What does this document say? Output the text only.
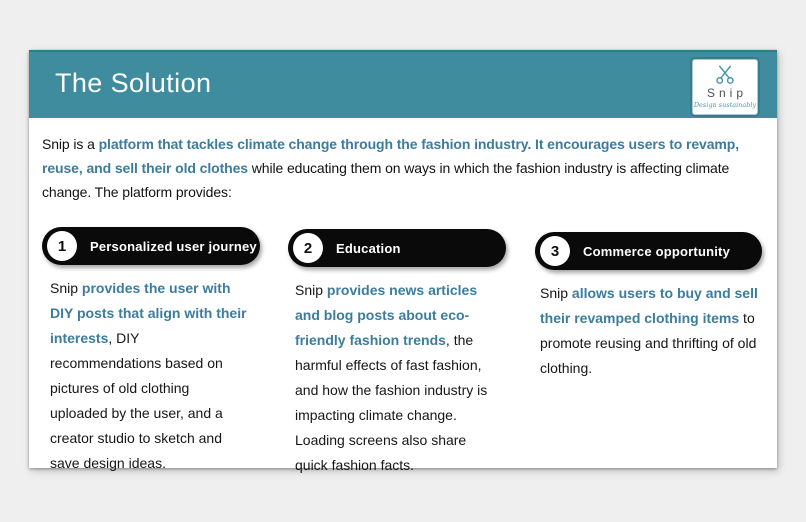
The Solution	Snip
Design sustainably
Snip is a platform that tackles climate change through the fashion industry. It encourages users to revamp, reuse, and sell their old clothes while educating them on ways in which the fashion industry is affecting climate change. The platform provides:
1	Personalized user journey	2	Education	3	Commerce opportunity
Snip provides the user with DIY posts that align with their interests, DIY recommendations based on pictures of old clothing uploaded by the user, and a creator studio to sketch and save design ideas.
Snip provides news articles and blog posts about eco-friendly fashion trends, the harmful effects of fast fashion, and how the fashion industry is impacting climate change. Loading screens also share quick fashion facts.
Snip allows users to buy and sell their revamped clothing items to promote reusing and thrifting of old clothing.
